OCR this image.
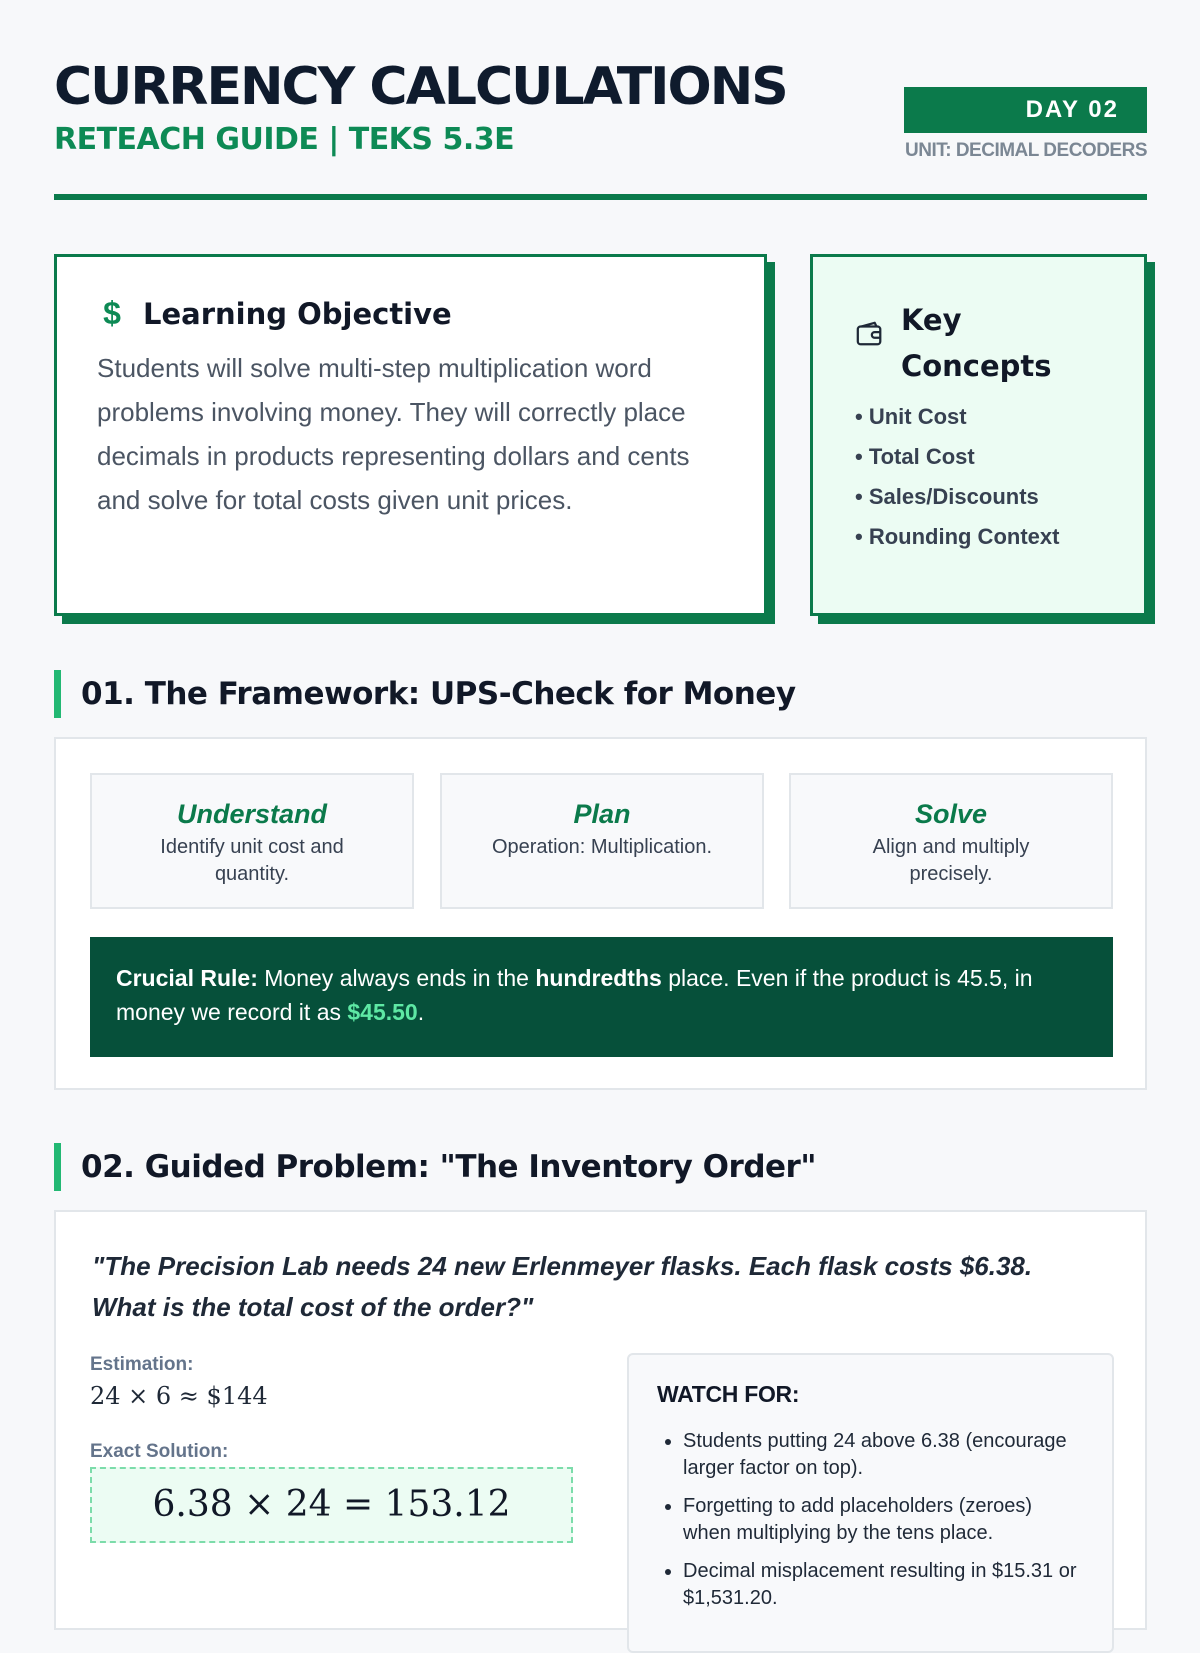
CURRENCY CALCULATIONS
RETEACH GUIDE | TEKS 5.3E
DAY 02
UNIT: DECIMAL DECODERS
$ Learning Objective
Students will solve multi-step multiplication word problems involving money. They will correctly place decimals in products representing dollars and cents and solve for total costs given unit prices.
Key Concepts
• Unit Cost
• Total Cost
• Sales/Discounts
• Rounding Context
01. The Framework: UPS-Check for Money
Understand
Identify unit cost and quantity.
Plan
Operation: Multiplication.
Solve
Align and multiply precisely.
Crucial Rule: Money always ends in the hundredths place. Even if the product is 45.5, in money we record it as $45.50.
02. Guided Problem: "The Inventory Order"
"The Precision Lab needs 24 new Erlenmeyer flasks. Each flask costs $6.38. What is the total cost of the order?"
Estimation:
24 × 6 ≈ $144
Exact Solution:
6.38 × 24 = 153.12
WATCH FOR:
• Students putting 24 above 6.38 (encourage larger factor on top).
• Forgetting to add placeholders (zeroes) when multiplying by the tens place.
• Decimal misplacement resulting in $15.31 or $1,531.20.
